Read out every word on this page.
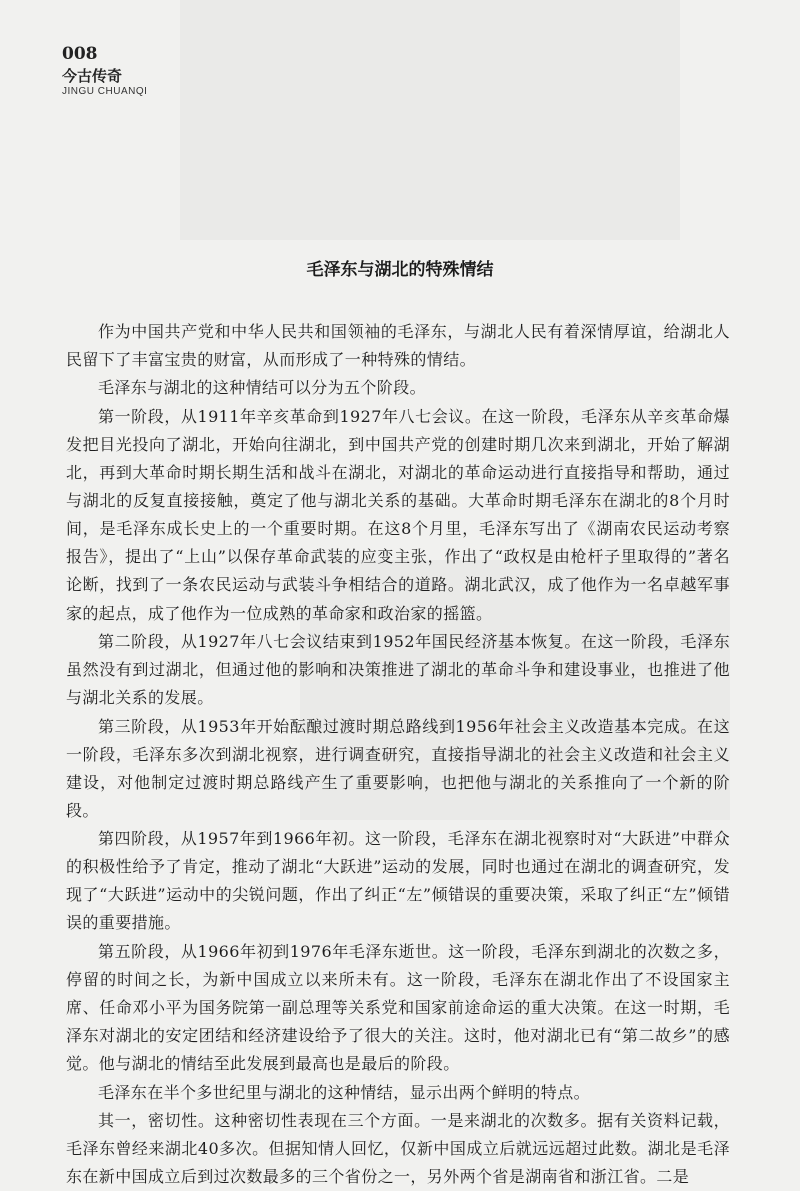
008
今古传奇
JINGU CHUANQI
毛泽东与湖北的特殊情结

作为中国共产党和中华人民共和国领袖的毛泽东，与湖北人民有着深情厚谊，给湖北人民留下了丰富宝贵的财富，从而形成了一种特殊的情结。

毛泽东与湖北的这种情结可以分为五个阶段。

第一阶段，从1911年辛亥革命到1927年八七会议。在这一阶段，毛泽东从辛亥革命爆发把目光投向了湖北，开始向往湖北，到中国共产党的创建时期几次来到湖北，开始了解湖北，再到大革命时期长期生活和战斗在湖北，对湖北的革命运动进行直接指导和帮助，通过与湖北的反复直接接触，奠定了他与湖北关系的基础。大革命时期毛泽东在湖北的8个月时间，是毛泽东成长史上的一个重要时期。在这8个月里，毛泽东写出了《湖南农民运动考察报告》，提出了“上山”以保存革命武装的应变主张，作出了“政权是由枪杆子里取得的”著名论断，找到了一条农民运动与武装斗争相结合的道路。湖北武汉，成了他作为一名卓越军事家的起点，成了他作为一位成熟的革命家和政治家的摇篮。

第二阶段，从1927年八七会议结束到1952年国民经济基本恢复。在这一阶段，毛泽东虽然没有到过湖北，但通过他的影响和决策推进了湖北的革命斗争和建设事业，也推进了他与湖北关系的发展。

第三阶段，从1953年开始酝酿过渡时期总路线到1956年社会主义改造基本完成。在这一阶段，毛泽东多次到湖北视察，进行调查研究，直接指导湖北的社会主义改造和社会主义建设，对他制定过渡时期总路线产生了重要影响，也把他与湖北的关系推向了一个新的阶段。

第四阶段，从1957年到1966年初。这一阶段，毛泽东在湖北视察时对“大跃进”中群众的积极性给予了肯定，推动了湖北“大跃进”运动的发展，同时也通过在湖北的调查研究，发现了“大跃进”运动中的尖锐问题，作出了纠正“左”倾错误的重要决策，采取了纠正“左”倾错误的重要措施。

第五阶段，从1966年初到1976年毛泽东逝世。这一阶段，毛泽东到湖北的次数之多，停留的时间之长，为新中国成立以来所未有。这一阶段，毛泽东在湖北作出了不设国家主席、任命邓小平为国务院第一副总理等关系党和国家前途命运的重大决策。在这一时期，毛泽东对湖北的安定团结和经济建设给予了很大的关注。这时，他对湖北已有“第二故乡”的感觉。他与湖北的情结至此发展到最高也是最后的阶段。

毛泽东在半个多世纪里与湖北的这种情结，显示出两个鲜明的特点。

其一，密切性。这种密切性表现在三个方面。一是来湖北的次数多。据有关资料记载，毛泽东曾经来湖北40多次。但据知情人回忆，仅新中国成立后就远远超过此数。湖北是毛泽东在新中国成立后到过次数最多的三个省份之一，另外两个省是湖南省和浙江省。二是
